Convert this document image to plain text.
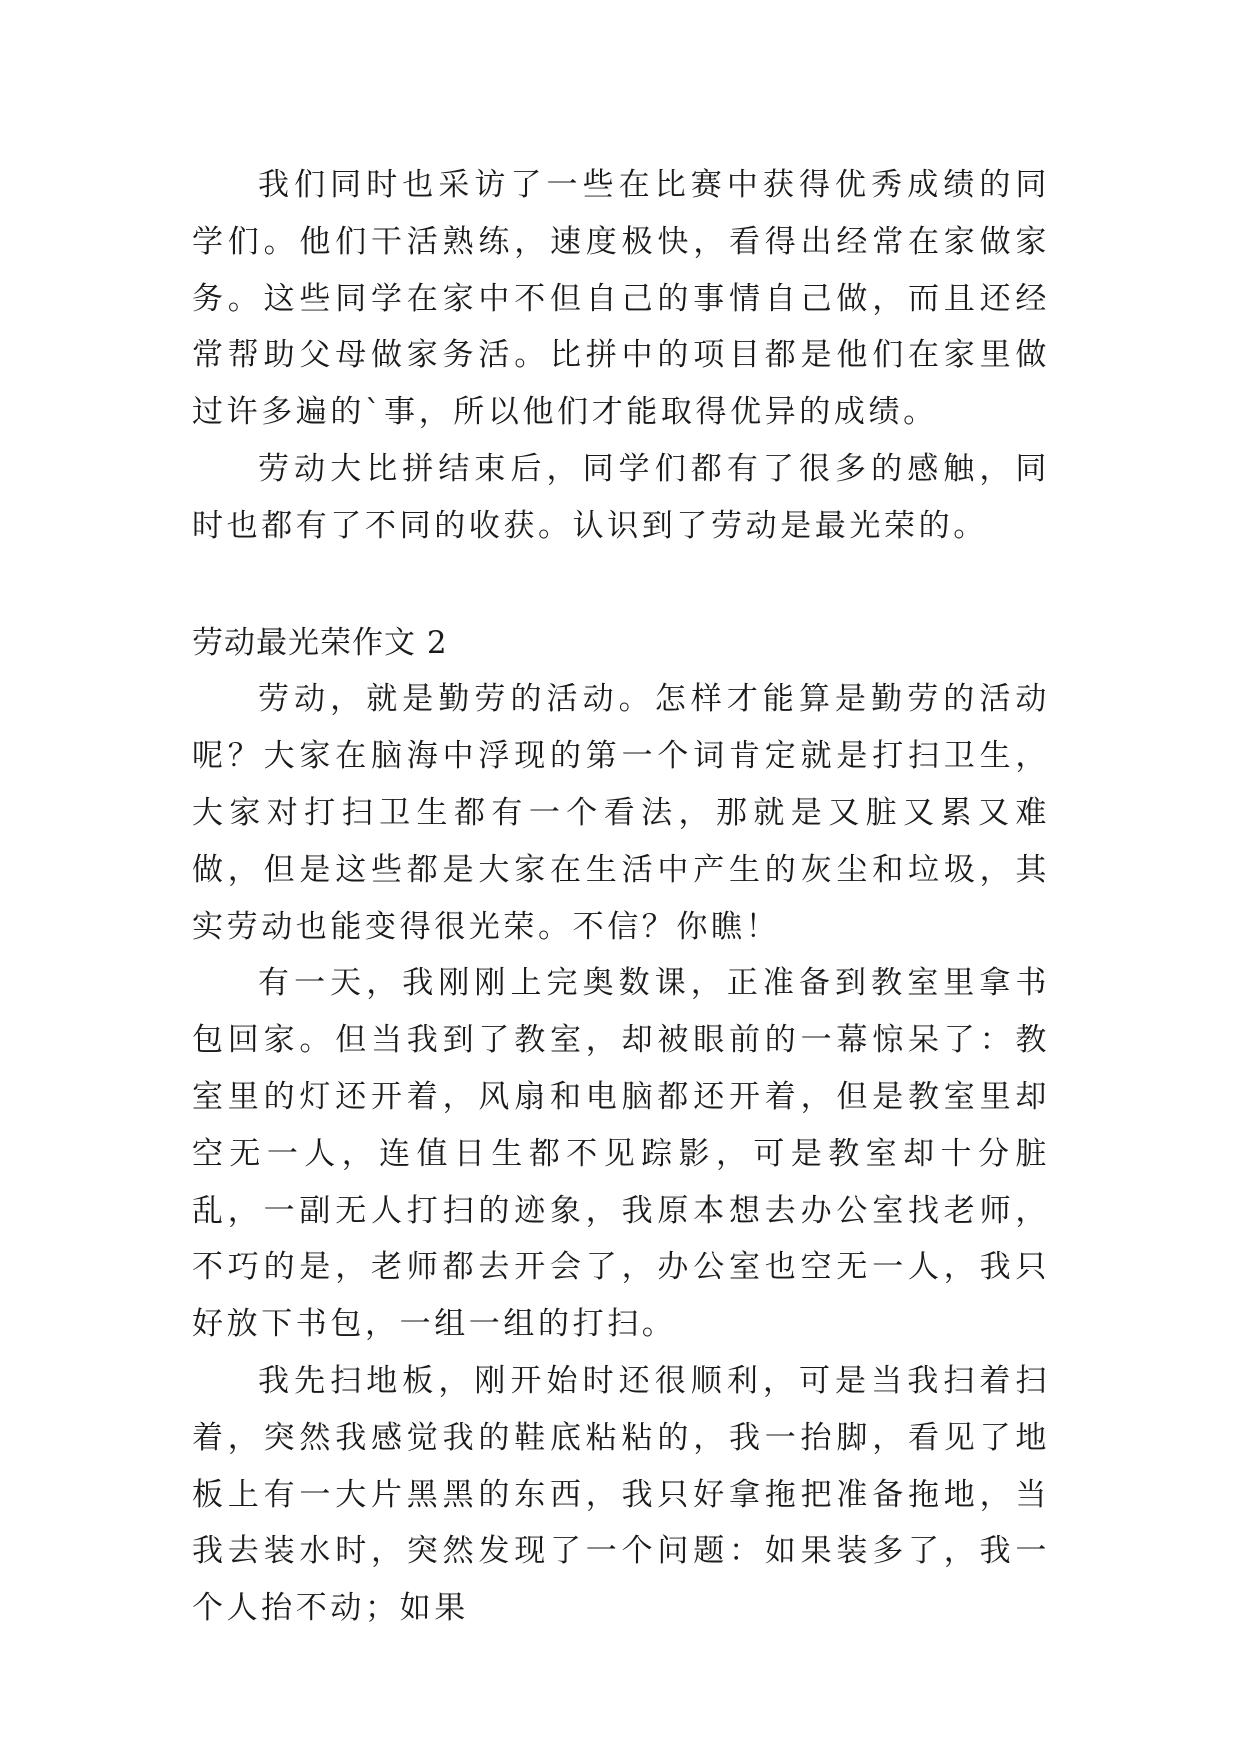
我们同时也采访了一些在比赛中获得优秀成绩的同学们。他们干活熟练，速度极快，看得出经常在家做家务。这些同学在家中不但自己的事情自己做，而且还经常帮助父母做家务活。比拼中的项目都是他们在家里做过许多遍的`事，所以他们才能取得优异的成绩。

劳动大比拼结束后，同学们都有了很多的感触，同时也都有了不同的收获。认识到了劳动是最光荣的。

劳动最光荣作文 2

劳动，就是勤劳的活动。怎样才能算是勤劳的活动呢？大家在脑海中浮现的第一个词肯定就是打扫卫生，大家对打扫卫生都有一个看法，那就是又脏又累又难做，但是这些都是大家在生活中产生的灰尘和垃圾，其实劳动也能变得很光荣。不信？你瞧！

有一天，我刚刚上完奥数课，正准备到教室里拿书包回家。但当我到了教室，却被眼前的一幕惊呆了：教室里的灯还开着，风扇和电脑都还开着，但是教室里却空无一人，连值日生都不见踪影，可是教室却十分脏乱，一副无人打扫的迹象，我原本想去办公室找老师，不巧的是，老师都去开会了，办公室也空无一人，我只好放下书包，一组一组的打扫。

我先扫地板，刚开始时还很顺利，可是当我扫着扫着，突然我感觉我的鞋底粘粘的，我一抬脚，看见了地板上有一大片黑黑的东西，我只好拿拖把准备拖地，当我去装水时，突然发现了一个问题：如果装多了，我一个人抬不动；如果
